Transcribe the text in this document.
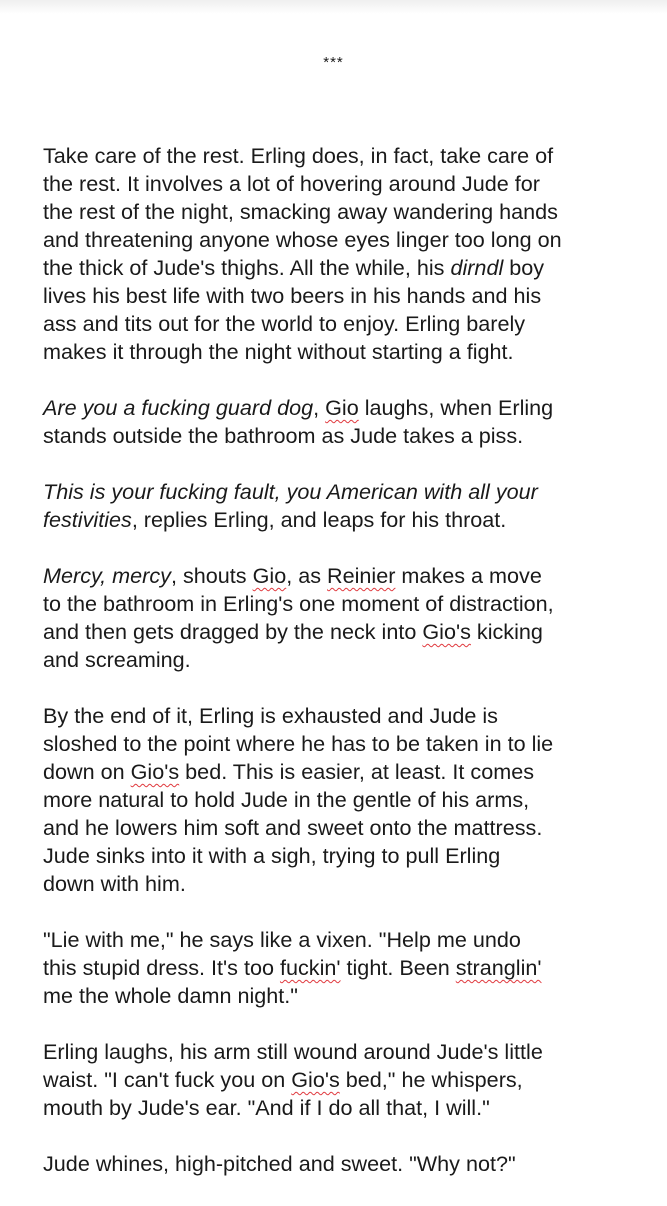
***

Take care of the rest. Erling does, in fact, take care of
the rest. It involves a lot of hovering around Jude for
the rest of the night, smacking away wandering hands
and threatening anyone whose eyes linger too long on
the thick of Jude's thighs. All the while, his dirndl boy
lives his best life with two beers in his hands and his
ass and tits out for the world to enjoy. Erling barely
makes it through the night without starting a fight.

Are you a fucking guard dog, Gio laughs, when Erling
stands outside the bathroom as Jude takes a piss.

This is your fucking fault, you American with all your
festivities, replies Erling, and leaps for his throat.

Mercy, mercy, shouts Gio, as Reinier makes a move
to the bathroom in Erling's one moment of distraction,
and then gets dragged by the neck into Gio's kicking
and screaming.

By the end of it, Erling is exhausted and Jude is
sloshed to the point where he has to be taken in to lie
down on Gio's bed. This is easier, at least. It comes
more natural to hold Jude in the gentle of his arms,
and he lowers him soft and sweet onto the mattress.
Jude sinks into it with a sigh, trying to pull Erling
down with him.

"Lie with me," he says like a vixen. "Help me undo
this stupid dress. It's too fuckin' tight. Been stranglin'
me the whole damn night."

Erling laughs, his arm still wound around Jude's little
waist. "I can't fuck you on Gio's bed," he whispers,
mouth by Jude's ear. "And if I do all that, I will."

Jude whines, high-pitched and sweet. "Why not?"
